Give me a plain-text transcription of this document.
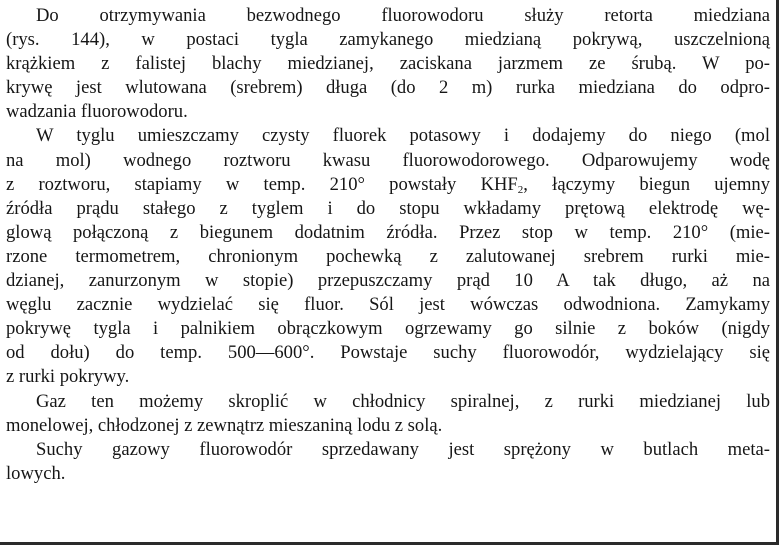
Do otrzymywania bezwodnego fluorowodoru służy retorta miedziana
(rys. 144), w postaci tygla zamykanego miedzianą pokrywą, uszczelnioną
krążkiem z falistej blachy miedzianej, zaciskana jarzmem ze śrubą. W po-
krywę jest wlutowana (srebrem) długa (do 2 m) rurka miedziana do odpro-
wadzania fluorowodoru.
W tyglu umieszczamy czysty fluorek potasowy i dodajemy do niego (mol
na mol) wodnego roztworu kwasu fluorowodorowego. Odparowujemy wodę
z roztworu, stapiamy w temp. 210° powstały $KHF_2$, łączymy biegun ujemny
źródła prądu stałego z tyglem i do stopu wkładamy prętową elektrodę wę-
glową połączoną z biegunem dodatnim źródła. Przez stop w temp. 210° (mie-
rzone termometrem, chronionym pochewką z zalutowanej srebrem rurki mie-
dzianej, zanurzonym w stopie) przepuszczamy prąd 10 A tak długo, aż na
węglu zacznie wydzielać się fluor. Sól jest wówczas odwodniona. Zamykamy
pokrywę tygla i palnikiem obrączkowym ogrzewamy go silnie z boków (nigdy
od dołu) do temp. 500—600°. Powstaje suchy fluorowodór, wydzielający się
z rurki pokrywy.
Gaz ten możemy skroplić w chłodnicy spiralnej, z rurki miedzianej lub
monelowej, chłodzonej z zewnątrz mieszaniną lodu z solą.
Suchy gazowy fluorowodór sprzedawany jest sprężony w butlach meta-
lowych.
